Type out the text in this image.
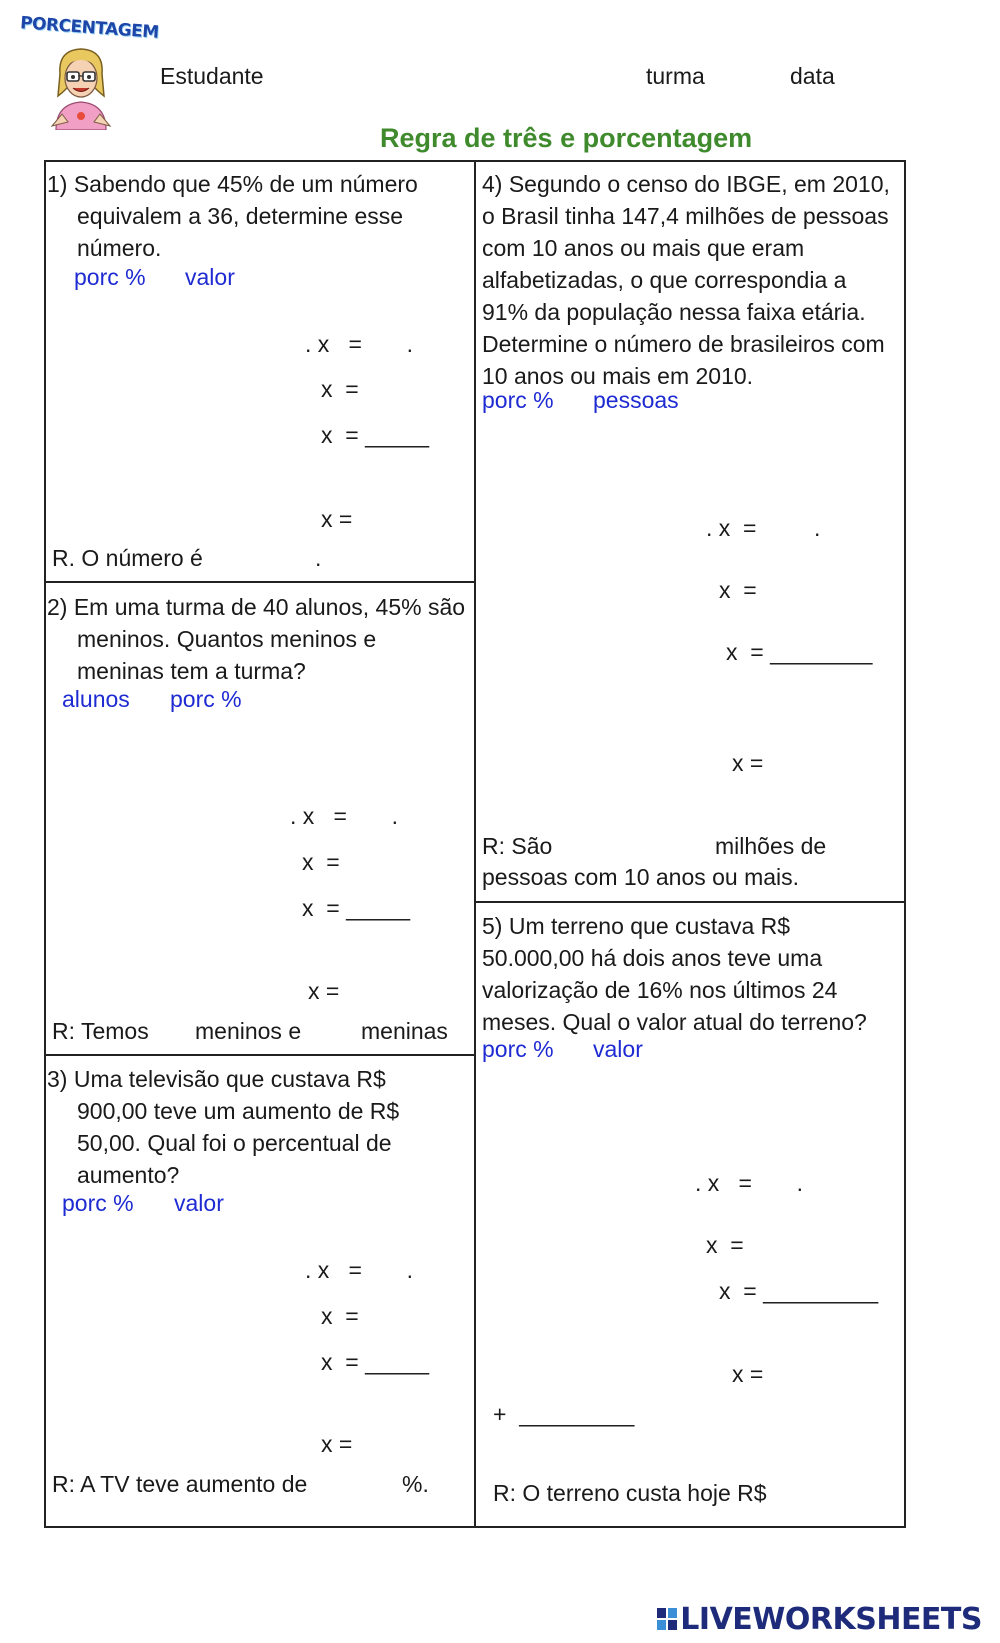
PORCENTAGEM
Estudante	turma	data
Regra de três e porcentagem
1) Sabendo que 45% de um número
equivalem a 36, determine esse
número.
porc % valor
. x   =       .
x  =
x  = _____
x =
R. O número é	.
2) Em uma turma de 40 alunos, 45% são
meninos. Quantos meninos e
meninas tem a turma?
alunos porc %
. x   =       .
x  =
x  = _____
x =
R: Temos meninos e	meninas
3) Uma televisão que custava R$
900,00 teve um aumento de R$
50,00. Qual foi o percentual de
aumento?
porc % valor
. x   =       .
x  =
x  = _____
x =
R: A TV teve aumento de	%.
4) Segundo o censo do IBGE, em 2010,
o Brasil tinha 147,4 milhões de pessoas
com 10 anos ou mais que eram
alfabetizadas, o que correspondia a
91% da população nessa faixa etária.
Determine o número de brasileiros com
10 anos ou mais em 2010.
porc % pessoas
. x  =         .
x  =
x  = ________
x =
R: São	milhões de
pessoas com 10 anos ou mais.
5) Um terreno que custava R$
50.000,00 há dois anos teve uma
valorização de 16% nos últimos 24
meses. Qual o valor atual do terreno?
porc % valor
. x   =       .
x  =
x  = _________
x =
+  _________
R: O terreno custa hoje R$
LIVEWORKSHEETS
